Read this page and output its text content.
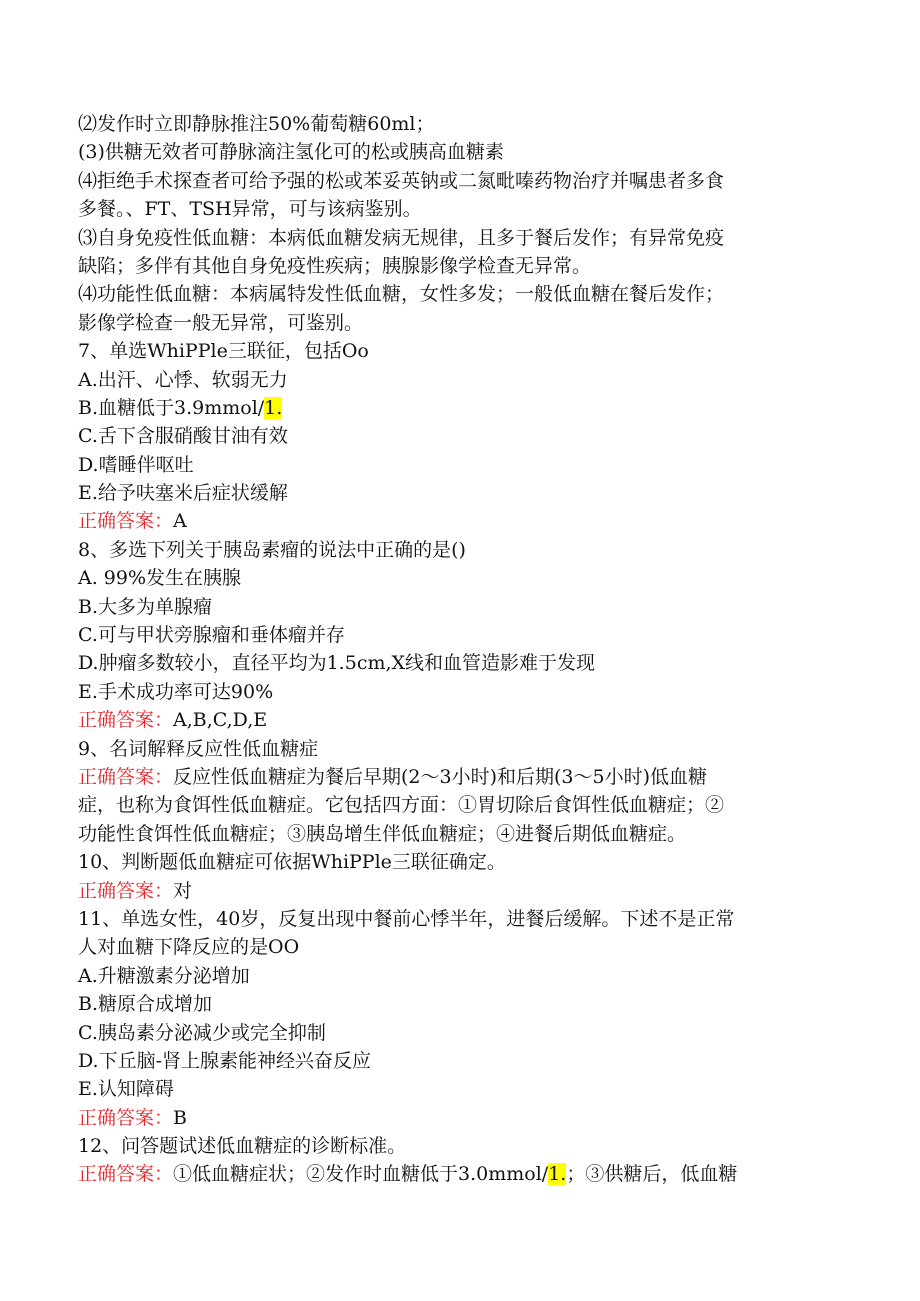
⑵发作时立即静脉推注50%葡萄糖60ml；
(3)供糖无效者可静脉滴注氢化可的松或胰高血糖素
⑷拒绝手术探查者可给予强的松或苯妥英钠或二氮毗嗪药物治疗并嘱患者多食
多餐。、FT、TSH异常，可与该病鉴别。
⑶自身免疫性低血糖：本病低血糖发病无规律，且多于餐后发作；有异常免疫
缺陷；多伴有其他自身免疫性疾病；胰腺影像学检查无异常。
⑷功能性低血糖：本病属特发性低血糖，女性多发；一般低血糖在餐后发作；
影像学检查一般无异常，可鉴别。
7、单选WhiPPle三联征，包括Oo
A.出汗、心悸、软弱无力
B.血糖低于3.9mmol/1.
C.舌下含服硝酸甘油有效
D.嗜睡伴呕吐
E.给予呋塞米后症状缓解
正确答案：A
8、多选下列关于胰岛素瘤的说法中正确的是()
A. 99%发生在胰腺
B.大多为单腺瘤
C.可与甲状旁腺瘤和垂体瘤并存
D.肿瘤多数较小，直径平均为1.5cm,X线和血管造影难于发现
E.手术成功率可达90%
正确答案：A,B,C,D,E
9、名词解释反应性低血糖症
正确答案：反应性低血糖症为餐后早期(2～3小时)和后期(3～5小时)低血糖
症，也称为食饵性低血糖症。它包括四方面：①胃切除后食饵性低血糖症；②
功能性食饵性低血糖症；③胰岛增生伴低血糖症；④进餐后期低血糖症。
10、判断题低血糖症可依据WhiPPle三联征确定。
正确答案：对
11、单选女性，40岁，反复出现中餐前心悸半年，进餐后缓解。下述不是正常
人对血糖下降反应的是OO
A.升糖激素分泌增加
B.糖原合成增加
C.胰岛素分泌减少或完全抑制
D.下丘脑-肾上腺素能神经兴奋反应
E.认知障碍
正确答案：B
12、问答题试述低血糖症的诊断标准。
正确答案：①低血糖症状；②发作时血糖低于3.0mmol/1.；③供糖后，低血糖
